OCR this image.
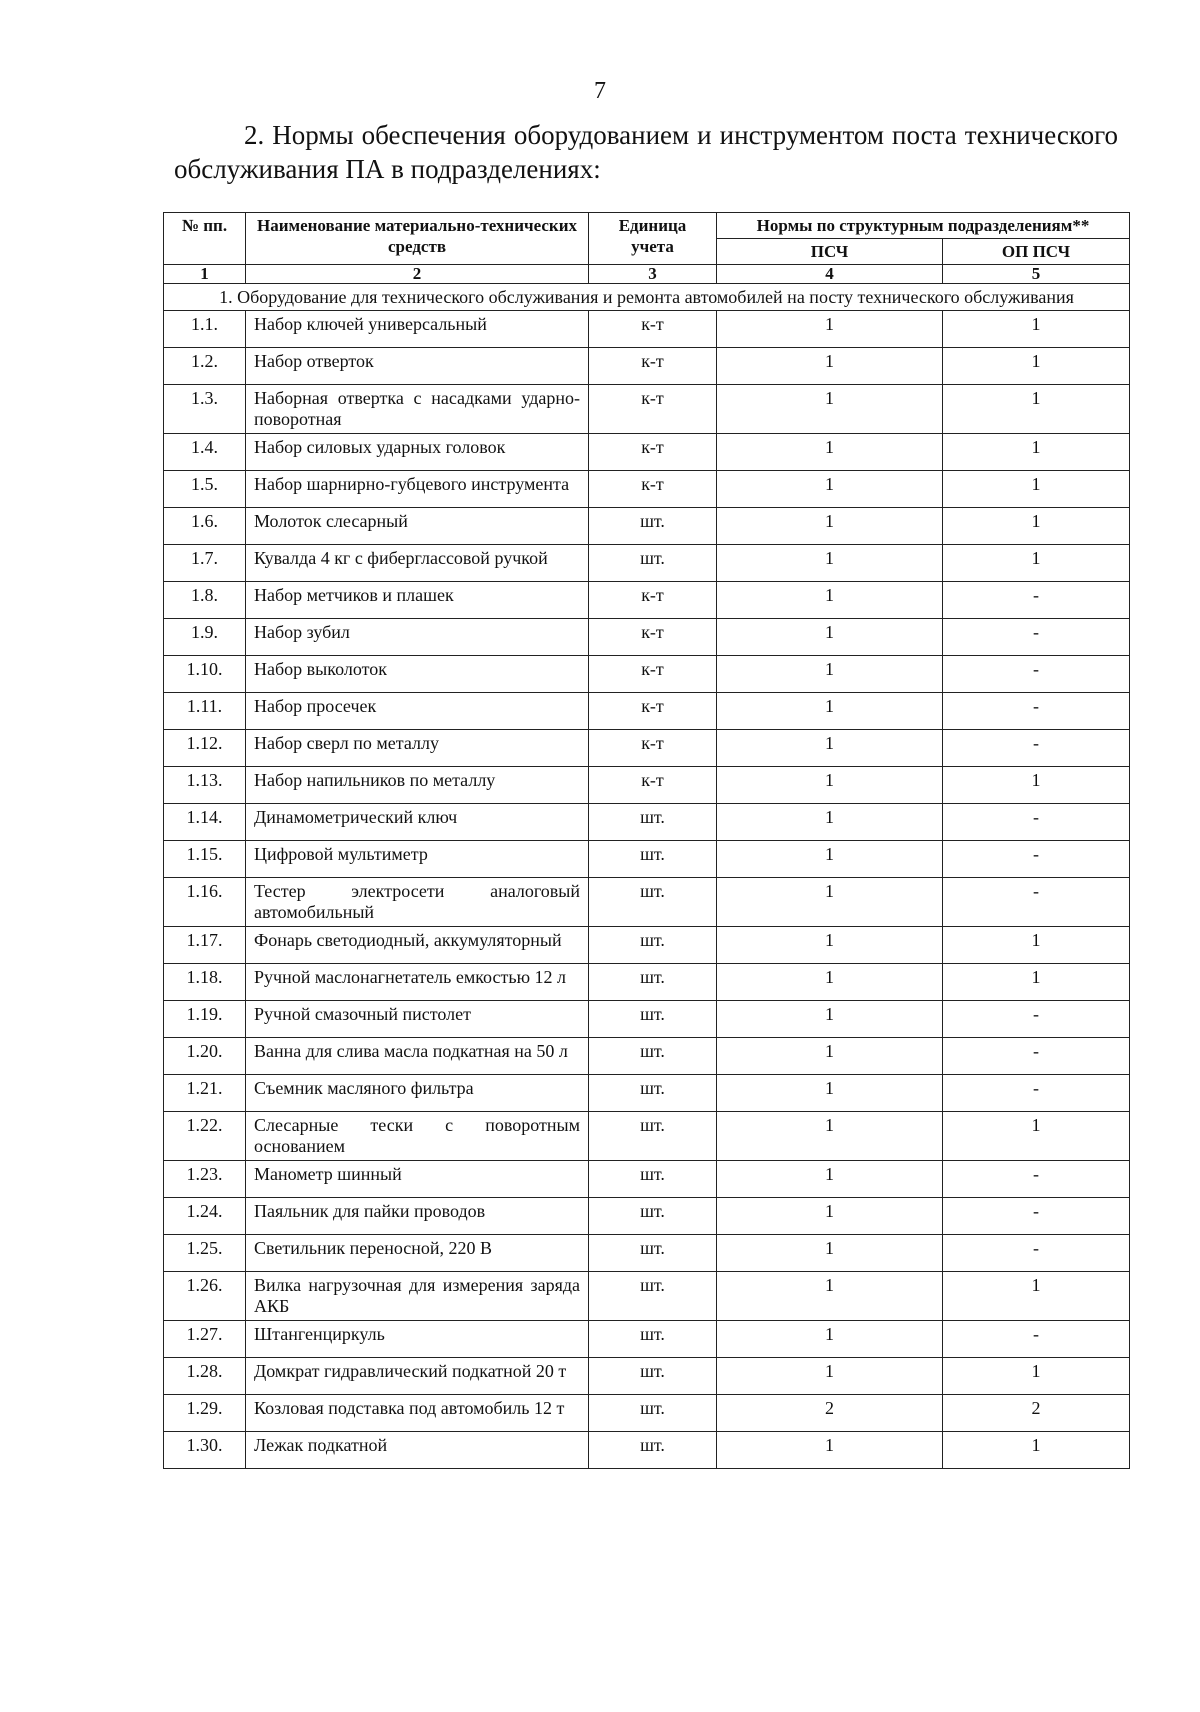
7
2. Нормы обеспечения оборудованием и инструментом поста технического обслуживания ПА в подразделениях:
№ пп.	Наименование материально-технических средств	Единица учета	Нормы по структурным подразделениям**	
			ПСЧ	ОП ПСЧ
1	2	3	4	5
1. Оборудование для технического обслуживания и ремонта автомобилей на посту технического обслуживания				
1.1.	Набор ключей универсальный	к-т	1	1
1.2.	Набор отверток	к-т	1	1
1.3.	Наборная отвертка с насадками ударно-поворотная	к-т	1	1
1.4.	Набор силовых ударных головок	к-т	1	1
1.5.	Набор шарнирно-губцевого инструмента	к-т	1	1
1.6.	Молоток слесарный	шт.	1	1
1.7.	Кувалда 4 кг с фиберглассовой ручкой	шт.	1	1
1.8.	Набор метчиков и плашек	к-т	1	-
1.9.	Набор зубил	к-т	1	-
1.10.	Набор выколоток	к-т	1	-
1.11.	Набор просечек	к-т	1	-
1.12.	Набор сверл по металлу	к-т	1	-
1.13.	Набор напильников по металлу	к-т	1	1
1.14.	Динамометрический ключ	шт.	1	-
1.15.	Цифровой мультиметр	шт.	1	-
1.16.	Тестер электросети аналоговый автомобильный	шт.	1	-
1.17.	Фонарь светодиодный, аккумуляторный	шт.	1	1
1.18.	Ручной маслонагнетатель емкостью 12 л	шт.	1	1
1.19.	Ручной смазочный пистолет	шт.	1	-
1.20.	Ванна для слива масла подкатная на 50 л	шт.	1	-
1.21.	Съемник масляного фильтра	шт.	1	-
1.22.	Слесарные тески с поворотным основанием	шт.	1	1
1.23.	Манометр шинный	шт.	1	-
1.24.	Паяльник для пайки проводов	шт.	1	-
1.25.	Светильник переносной, 220 В	шт.	1	-
1.26.	Вилка нагрузочная для измерения заряда АКБ	шт.	1	1
1.27.	Штангенциркуль	шт.	1	-
1.28.	Домкрат гидравлический подкатной 20 т	шт.	1	1
1.29.	Козловая подставка под автомобиль 12 т	шт.	2	2
1.30.	Лежак подкатной	шт.	1	1
